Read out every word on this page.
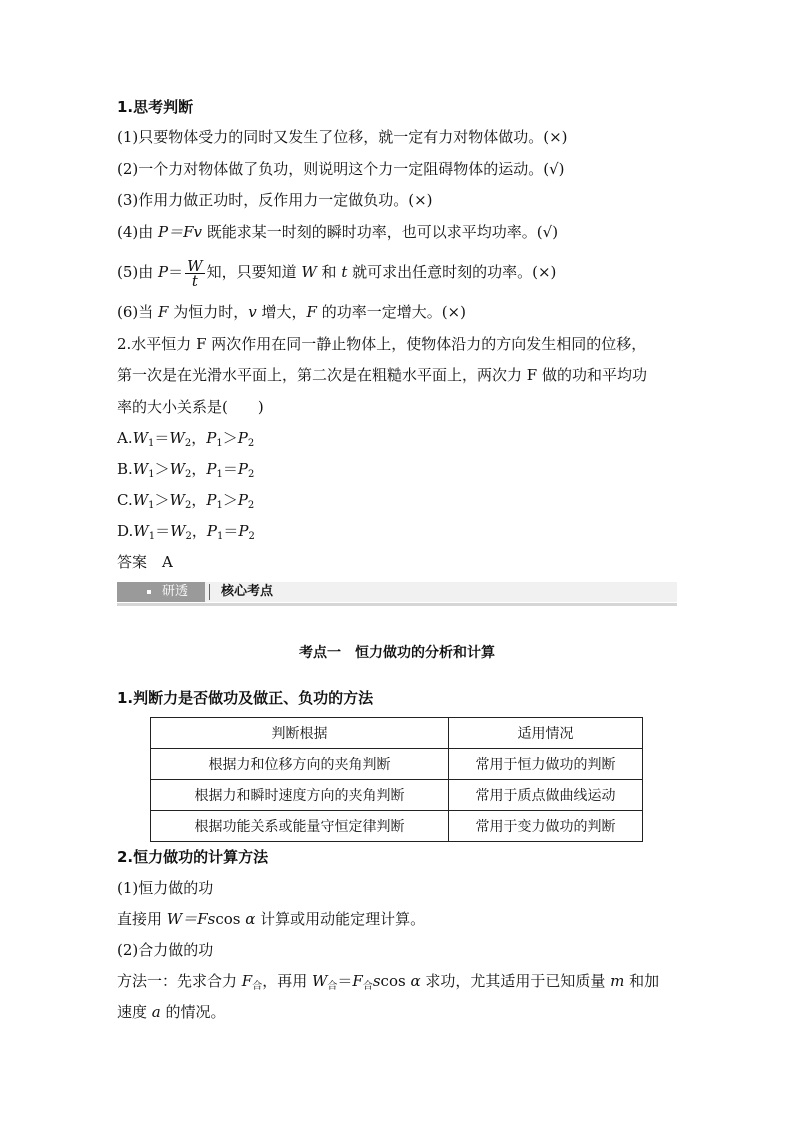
1.思考判断
(1)只要物体受力的同时又发生了位移，就一定有力对物体做功。(×)
(2)一个力对物体做了负功，则说明这个力一定阻碍物体的运动。(√)
(3)作用力做正功时，反作用力一定做负功。(×)
(4)由 P＝Fv 既能求某一时刻的瞬时功率，也可以求平均功率。(√)
(5)由 $P= \frac{W}{t}$ 知，只要知道 W 和 t 就可求出任意时刻的功率。(×)
(6)当 F 为恒力时，v 增大，F 的功率一定增大。(×)
2.水平恒力 F 两次作用在同一静止物体上，使物体沿力的方向发生相同的位移，
第一次是在光滑水平面上，第二次是在粗糙水平面上，两次力 F 做的功和平均功
率的大小关系是(　　)
$A.W_1=W_2$，$P_1>P_2$
$B.W_1>W_2$，$P_1=P_2$
$C.W_1>W_2$，$P_1>P_2$
$D.W_1=W_2$，$P_1=P_2$
答案　A
研透	核心考点
考点一　恒力做功的分析和计算
1.判断力是否做功及做正、负功的方法
判断根据	适用情况
根据力和位移方向的夹角判断	常用于恒力做功的判断
根据力和瞬时速度方向的夹角判断	常用于质点做曲线运动
根据功能关系或能量守恒定律判断	常用于变力做功的判断
2.恒力做功的计算方法
(1)恒力做的功
直接用 W＝Fscos α 计算或用动能定理计算。
(2)合力做的功
方法一：先求合力 $F_合$，再用 $W_合=F_合scos$ α 求功，尤其适用于已知质量 m 和加
速度 a 的情况。
